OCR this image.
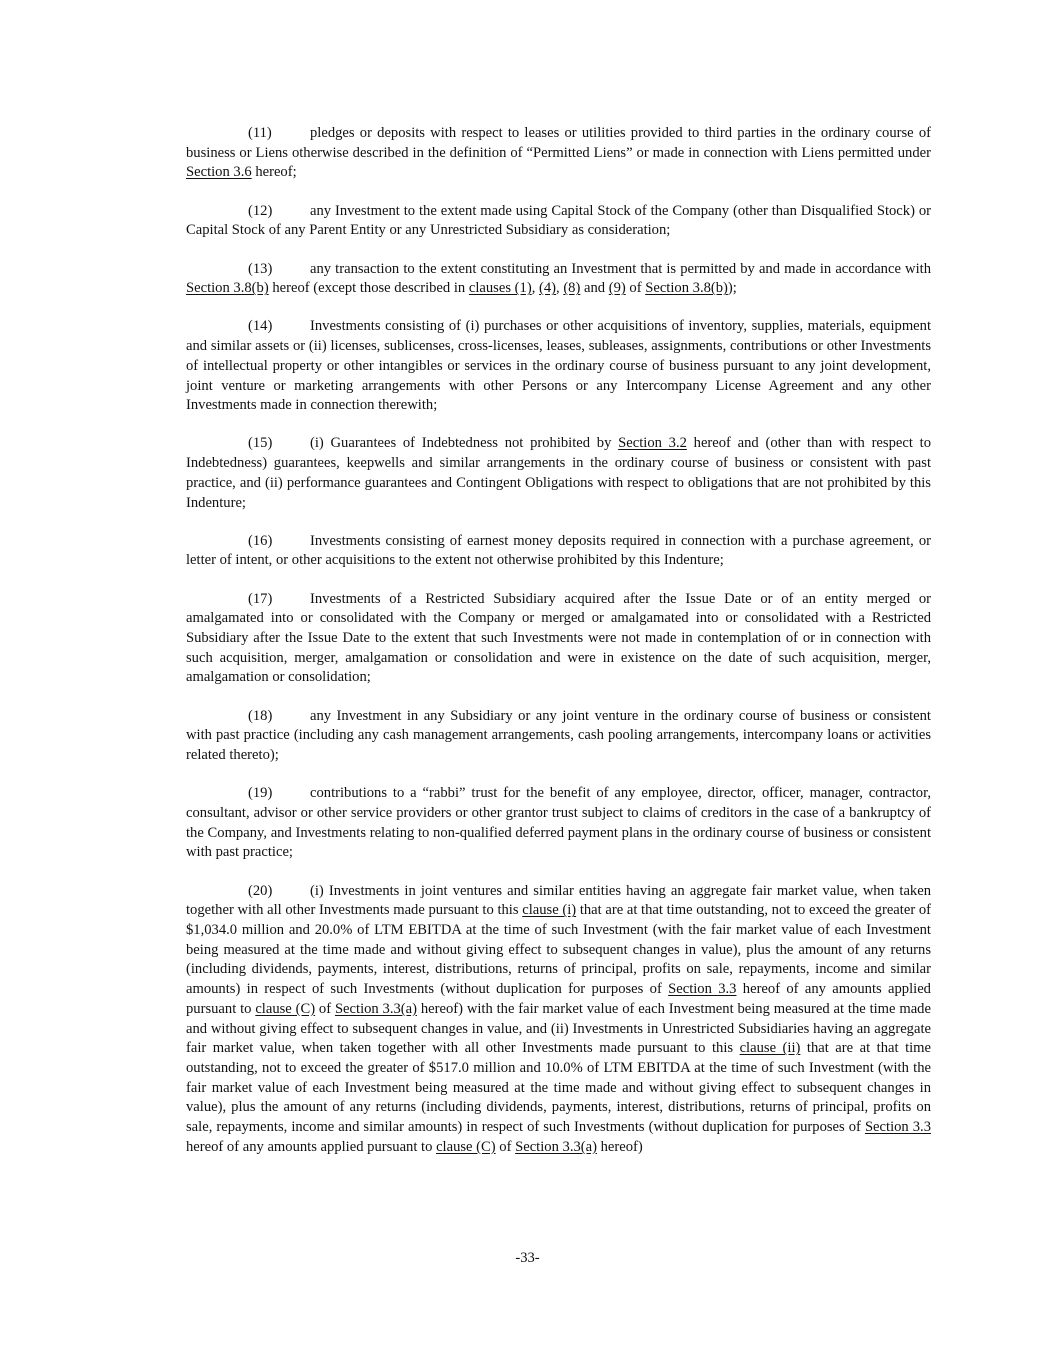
(11)	pledges or deposits with respect to leases or utilities provided to third parties in the ordinary course of business or Liens otherwise described in the definition of “Permitted Liens” or made in connection with Liens permitted under Section 3.6 hereof;

(12)	any Investment to the extent made using Capital Stock of the Company (other than Disqualified Stock) or Capital Stock of any Parent Entity or any Unrestricted Subsidiary as consideration;

(13)	any transaction to the extent constituting an Investment that is permitted by and made in accordance with Section 3.8(b) hereof (except those described in clauses (1), (4), (8) and (9) of Section 3.8(b));

(14)	Investments consisting of (i) purchases or other acquisitions of inventory, supplies, materials, equipment and similar assets or (ii) licenses, sublicenses, cross-licenses, leases, subleases, assignments, contributions or other Investments of intellectual property or other intangibles or services in the ordinary course of business pursuant to any joint development, joint venture or marketing arrangements with other Persons or any Intercompany License Agreement and any other Investments made in connection therewith;

(15)	(i) Guarantees of Indebtedness not prohibited by Section 3.2 hereof and (other than with respect to Indebtedness) guarantees, keepwells and similar arrangements in the ordinary course of business or consistent with past practice, and (ii) performance guarantees and Contingent Obligations with respect to obligations that are not prohibited by this Indenture;

(16)	Investments consisting of earnest money deposits required in connection with a purchase agreement, or letter of intent, or other acquisitions to the extent not otherwise prohibited by this Indenture;

(17)	Investments of a Restricted Subsidiary acquired after the Issue Date or of an entity merged or amalgamated into or consolidated with the Company or merged or amalgamated into or consolidated with a Restricted Subsidiary after the Issue Date to the extent that such Investments were not made in contemplation of or in connection with such acquisition, merger, amalgamation or consolidation and were in existence on the date of such acquisition, merger, amalgamation or consolidation;

(18)	any Investment in any Subsidiary or any joint venture in the ordinary course of business or consistent with past practice (including any cash management arrangements, cash pooling arrangements, intercompany loans or activities related thereto);

(19)	contributions to a “rabbi” trust for the benefit of any employee, director, officer, manager, contractor, consultant, advisor or other service providers or other grantor trust subject to claims of creditors in the case of a bankruptcy of the Company, and Investments relating to non-qualified deferred payment plans in the ordinary course of business or consistent with past practice;

(20)	(i) Investments in joint ventures and similar entities having an aggregate fair market value, when taken together with all other Investments made pursuant to this clause (i) that are at that time outstanding, not to exceed the greater of $1,034.0 million and 20.0% of LTM EBITDA at the time of such Investment (with the fair market value of each Investment being measured at the time made and without giving effect to subsequent changes in value), plus the amount of any returns (including dividends, payments, interest, distributions, returns of principal, profits on sale, repayments, income and similar amounts) in respect of such Investments (without duplication for purposes of Section 3.3 hereof of any amounts applied pursuant to clause (C) of Section 3.3(a) hereof) with the fair market value of each Investment being measured at the time made and without giving effect to subsequent changes in value, and (ii) Investments in Unrestricted Subsidiaries having an aggregate fair market value, when taken together with all other Investments made pursuant to this clause (ii) that are at that time outstanding, not to exceed the greater of $517.0 million and 10.0% of LTM EBITDA at the time of such Investment (with the fair market value of each Investment being measured at the time made and without giving effect to subsequent changes in value), plus the amount of any returns (including dividends, payments, interest, distributions, returns of principal, profits on sale, repayments, income and similar amounts) in respect of such Investments (without duplication for purposes of Section 3.3 hereof of any amounts applied pursuant to clause (C) of Section 3.3(a) hereof)

-33-
